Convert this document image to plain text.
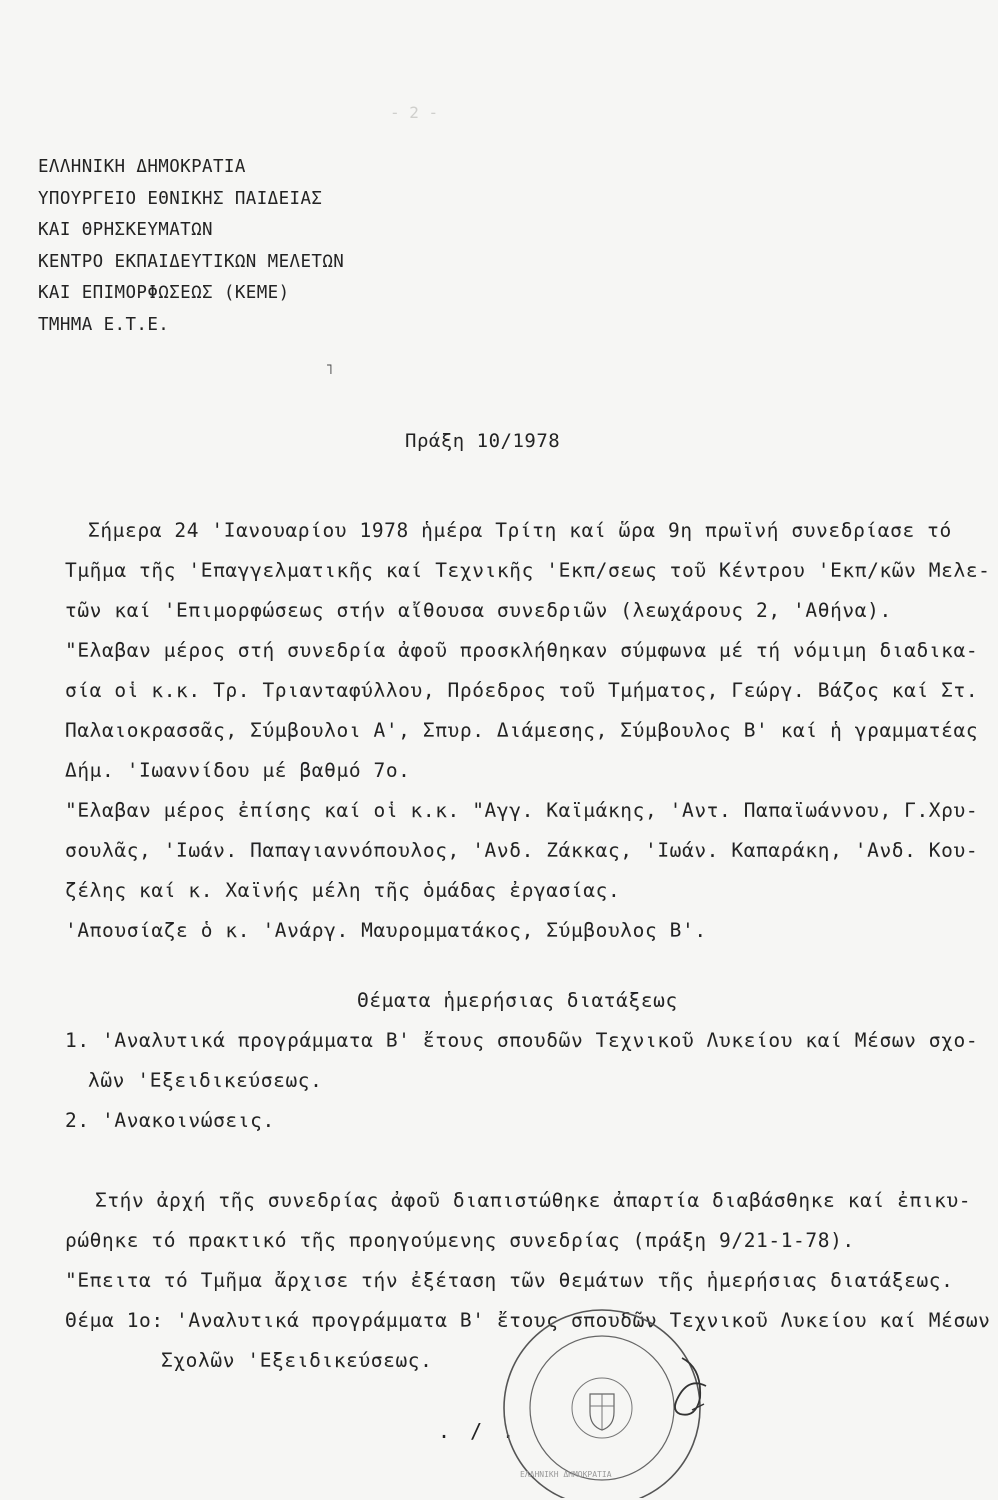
- 2 -
ΕΛΛΗΝΙΚΗ ΔΗΜΟΚΡΑΤΙΑ
ΥΠΟΥΡΓΕΙΟ ΕΘΝΙΚΗΣ ΠΑΙΔΕΙΑΣ
ΚΑΙ ΘΡΗΣΚΕΥΜΑΤΩΝ
ΚΕΝΤΡΟ ΕΚΠΑΙΔΕΥΤΙΚΩΝ ΜΕΛΕΤΩΝ
ΚΑΙ ΕΠΙΜΟΡΦΩΣΕΩΣ (ΚΕΜΕ)
ΤΜΗΜΑ Ε.Τ.Ε.
˥
Πράξη 10/1978

Σήμερα 24 'Ιανουαρίου 1978 ἡμέρα Τρίτη καί ὥρα 9η πρωϊνή συνεδρίασε τό

Τμῆμα τῆς 'Επαγγελματικῆς καί Τεχνικῆς 'Εκπ/σεως τοῦ Κέντρου 'Εκπ/κῶν Μελε-

τῶν καί 'Επιμορφώσεως στήν αἴθουσα συνεδριῶν (λεωχάρους 2, 'Αθήνα).

"Ελαβαν μέρος στή συνεδρία ἀφοῦ προσκλήθηκαν σύμφωνα μέ τή νόμιμη διαδικα-

σία οἱ κ.κ. Τρ. Τριανταφύλλου, Πρόεδρος τοῦ Τμήματος, Γεώργ. Βάζος καί Στ.

Παλαιοκρασσᾶς, Σύμβουλοι Α', Σπυρ. Διάμεσης, Σύμβουλος Β' καί ἡ γραμματέας

Δήμ. 'Ιωαννίδου μέ βαθμό 7ο.

"Ελαβαν μέρος ἐπίσης καί οἱ κ.κ. "Αγγ. Καϊμάκης, 'Αντ. Παπαϊωάννου, Γ.Χρυ-

σουλᾶς, 'Ιωάν. Παπαγιαννόπουλος, 'Ανδ. Ζάκκας, 'Ιωάν. Καπαράκη, 'Ανδ. Κου-

ζέλης καί κ. Χαϊνής μέλη τῆς ὁμάδας ἐργασίας.

'Απουσίαζε ὁ κ. 'Ανάργ. Μαυρομματάκος, Σύμβουλος Β'.

Θέματα ἡμερήσιας διατάξεως

1. 'Αναλυτικά προγράμματα Β' ἔτους σπουδῶν Τεχνικοῦ Λυκείου καί Μέσων σχο-

λῶν 'Εξειδικεύσεως.

2. 'Ανακοινώσεις.

Στήν ἀρχή τῆς συνεδρίας ἀφοῦ διαπιστώθηκε ἀπαρτία διαβάσθηκε καί ἐπικυ-

ρώθηκε τό πρακτικό τῆς προηγούμενης συνεδρίας (πράξη 9/21-1-78).

"Επειτα τό Τμῆμα ἄρχισε τήν ἐξέταση τῶν θεμάτων τῆς ἡμερήσιας διατάξεως.

Θέμα 1ο: 'Αναλυτικά προγράμματα Β' ἔτους σπουδῶν Τεχνικοῦ Λυκείου καί Μέσων

Σχολῶν 'Εξειδικεύσεως.

. / .
ΕΛΛΗΝΙΚΗ ΔΗΜΟΚΡΑΤΙΑ
